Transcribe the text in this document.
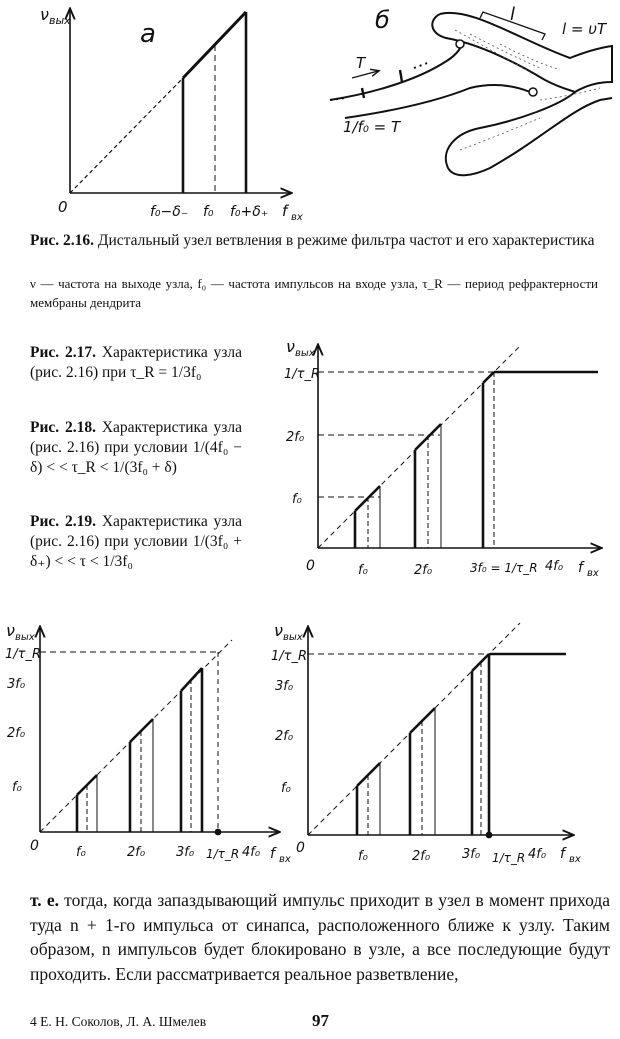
а
ν вых
0	f₀−δ₋ f₀ f₀+δ₊ f вх
б	l
l = υT
T
1/f₀ = T
ν вых
1/τ_R
2f₀
f₀
0	f₀	2f₀	3f₀ = 1/τ_R 4f₀ f вх
ν вых
1/τ_R
3f₀
2f₀
f₀
0	f₀	2f₀ 3f₀ 1/τ_R 4f₀ f вх
ν вых
1/τ_R
3f₀
2f₀
f₀
0
f₀	2f₀ 3f₀ 1/τ_R 4f₀ f вх
Рис. 2.16. Дистальный узел ветвления в режиме фильтра частот и его характеристика
ν — частота на выходе узла, f₀ — частота импульсов на входе узла, τ_R — период рефрактерности мембраны дендрита
Рис. 2.17. Характеристика узла (рис. 2.16) при τ_R = 1/3f₀
Рис. 2.18. Характеристика узла (рис. 2.16) при условии 1/(4f₀ − δ) < < τ_R < 1/(3f₀ + δ)
Рис. 2.19. Характеристика узла (рис. 2.16) при условии 1/(3f₀ + δ₊) < < τ < 1/3f₀
т. е. тогда, когда запаздывающий импульс приходит в узел в момент прихода туда n + 1-го импульса от синапса, расположенного ближе к узлу. Таким образом, n импульсов будет блокировано в узле, а все последующие будут проходить. Если рассматривается реальное разветвление,
4 Е. Н. Соколов, Л. А. Шмелев	97
